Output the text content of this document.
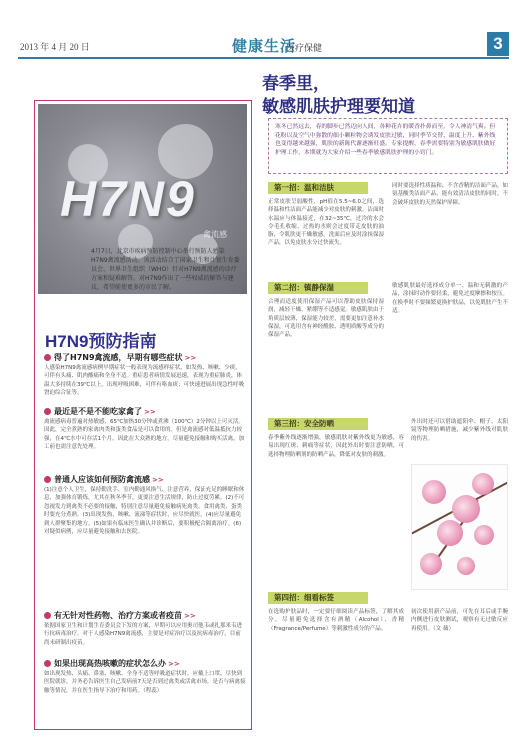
2013 年 4 月 20 日	健康生活
医疗保健	3
H7N9
禽流感
H7N9预防指南
4月7日，北京市疾病预防控制中心举行预防人感染H7N9禽流感活动。该活动结合了国家卫生和计划生育委员会、世界卫生组织（WHO）针对H7N9禽流感的诊疗方案和疑难解答，对H7N9作出了一些权威的解答与建议，希望能使更多的市民了解。
得了H7N9禽流感，早期有哪些症状 >>
人感染H7N9禽流感病例早期症状一般表现为流感样症状，如发热、咳嗽、少痰，可伴有头痛、肌肉酸痛和全身不适。重症患者病情发展迅速，表现为重症肺炎，体温大多持续在39℃以上，出现呼吸困难，可伴有咯血痰；可快速进展出现急性呼吸窘迫综合征等。
最近是不是不能吃家禽了 >>
禽流感病毒普遍对热敏感，65℃加热30分钟或煮沸（100℃）2分钟以上可灭活。因此，完全煮熟的家禽肉类和蛋类食品是可以食用的。但是禽流感对低温抵抗力较强，在4℃水中可存活1个月。因此在大众熟的地方，尽量避免接触和购买活禽，加工前也需注意先处理。
普通人应该如何预防禽流感 >>
(1)注意个人卫生，保持勤洗手、室内勤通风换气、注意营养，保证充足的睡眠和休息，加强体育锻炼，尤其在秋冬季节，更要注意生活规律，防止过度劳累。(2)不可忽视发力到禽类不必要的接触，特别注意尽量避免接触病死禽类。食用禽类、蛋类时要充分煮熟。(3)出现发热、咳嗽、流涕等症状时，应尽快就医。(4)应尽量避免到人群聚集的地方。(5)如果有临床医生确认并诊断后，要积极配合隔离治疗。(6)对疑似病例，应尽量避免接触和去医院。
有无针对性药物、治疗方案或者疫苗 >>
依据国家卫生和计划生育委员会下发的方案，早期可以应用奥司他韦或扎那米韦进行抗病毒治疗。对于人感染H7N9禽流感，主要是对症治疗以及抗病毒治疗，目前尚未研制出疫苗。
如果出现高热咳嗽的症状怎么办 >>
如出现发热、头痛、鼻塞、咳嗽、全身不适等呼吸道症状时，应戴上口罩，尽快到医院就诊，并务必告诉医生自己发病前7天是否到过禽类或活禽市场，是否与病禽接触等情况，并在医生指导下治疗和用药。（程蕊）
春季里，
敏感肌肤护理要知道
寒冬已然远去，春的脚步已然迈向人间，各种花卉的暖香扑鼻而至，令人神清气爽。但花粉以及空气中弥散的细小颗粒物会诱发皮肤过敏，同时季节交替、温度上升、紫外线也变得越来越强，肌肤的新陈代谢逐渐旺盛。专家提醒，春季需要特别为敏感肌肤做好护理工作，本期就为大家介绍一些春季敏感肌肤护理的小窍门。
第一招：温和洁肤
正常皮肤呈弱酸性，pH值在5.5~6.0之间，选择温和性洁面产品能减少对皮肤的刺激。洁面时水温应与体温接近，在32~35℃，过冷的水会令毛孔收缩，过热的水则会过度带走皮肤的油脂，令肌肤更干燥敏感。洗面后应及时涂抹保湿产品，以免皮肤水分过快流失。
同时要选择性质温和、不含香精的洁面产品，如氨基酸类洁面产品，能有效清洁皮肤的同时，不会破坏皮肤的天然保护屏障。
第二招：镇静保湿
合理而适度使用保湿产品可以帮助皮肤保持湿润，减轻干燥、紧绷等不适感觉。敏感肌肤由于角质层较薄，保湿能力较差，需要更加注意补水保湿，可选用含有神经酰胺、透明质酸等成分的保湿产品。
敏感肌肤最好选择成分单一、温和无刺激的产品，涂抹时动作要轻柔，避免过度摩擦和按压。在换季时不要频繁更换护肤品，以免肌肤产生不适。
第三招：安全防晒
春季紫外线逐渐增强，敏感肌肤对紫外线更为敏感，容易出现红斑、刺痛等症状，因此外出时要注意防晒，可选择物理防晒剂的防晒产品，降低对皮肤的刺激。
第四招：细看标签
在选购护肤品时，一定要仔细阅读产品标签，了解其成分。尽量避免选择含有酒精（Alcohol）、香精（Fragrance/Perfume）等刺激性成分的产品。
初次使用新产品前，可先在耳后或手腕内侧进行皮肤测试，观察有无过敏反应再使用。（文 薇）
外出时还可以借助遮阳伞、帽子、太阳镜等物理防晒措施，减少紫外线对肌肤的伤害。
